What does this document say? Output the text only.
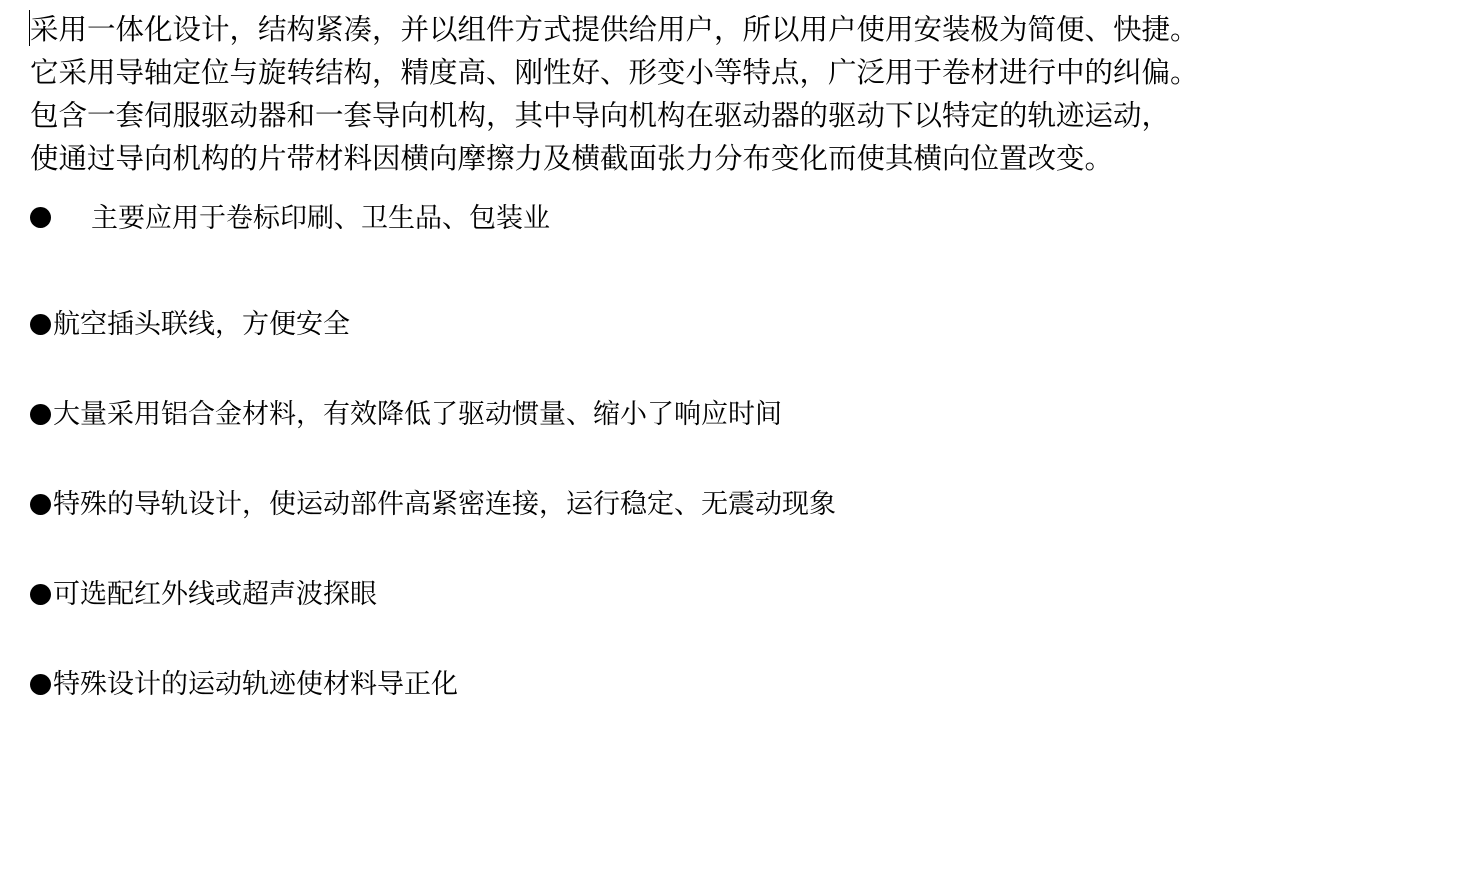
采用一体化设计，结构紧凑，并以组件方式提供给用户，所以用户使用安装极为简便、快捷。

它采用导轴定位与旋转结构，精度高、刚性好、形变小等特点，广泛用于卷材进行中的纠偏。

包含一套伺服驱动器和一套导向机构，其中导向机构在驱动器的驱动下以特定的轨迹运动，

使通过导向机构的片带材料因横向摩擦力及横截面张力分布变化而使其横向位置改变。

主要应用于卷标印刷、卫生品、包装业
航空插头联线，方便安全
大量采用铝合金材料，有效降低了驱动惯量、缩小了响应时间
特殊的导轨设计，使运动部件高紧密连接，运行稳定、无震动现象
可选配红外线或超声波探眼
特殊设计的运动轨迹使材料导正化
